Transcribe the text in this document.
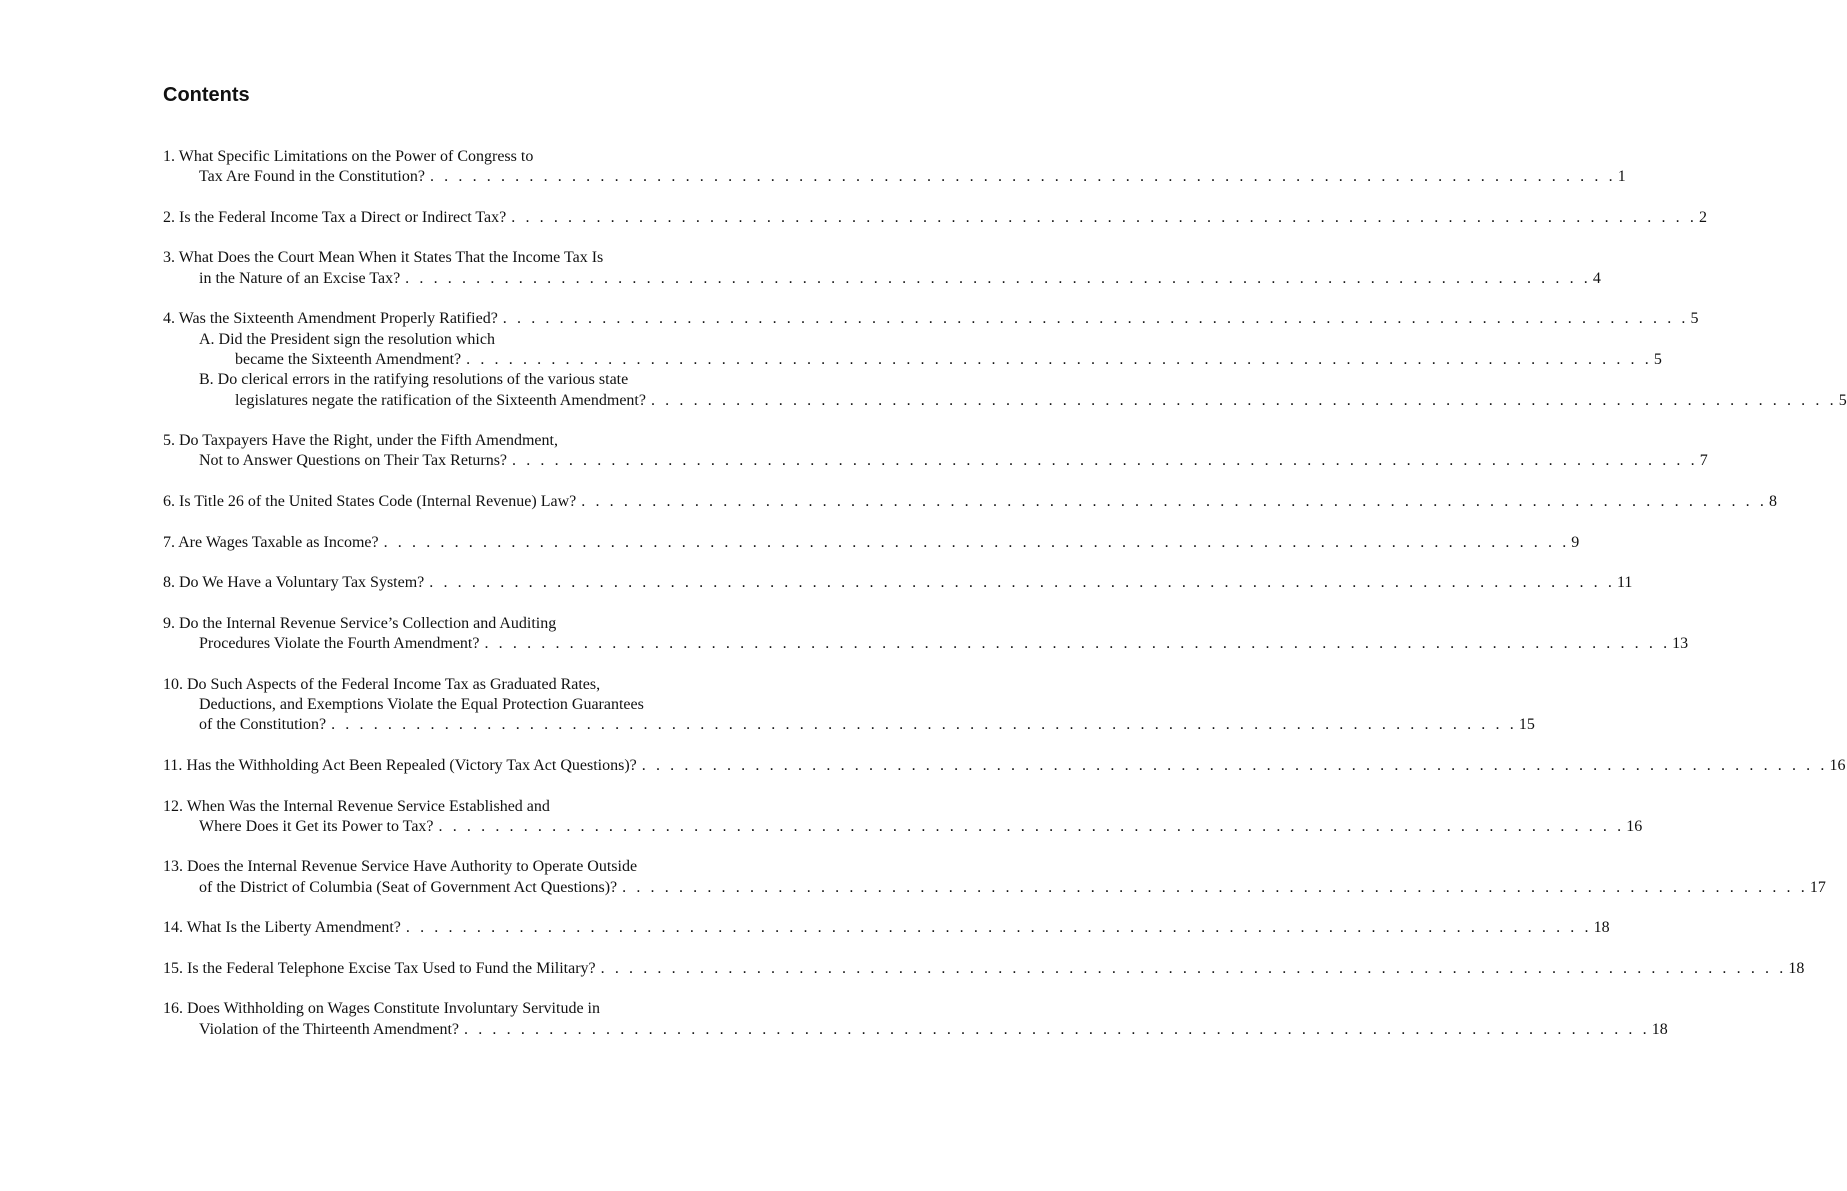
Contents
1. What Specific Limitations on the Power of Congress to
Tax Are Found in the Constitution? . . . . . . . . . . . . . . . . . . . . . . . . . . . . . . . . . . . . . . . . . . . . . . . . . . . . . . . . . . . . . . . . . . . . . . . . . . . . . . . . . . . . 1
2. Is the Federal Income Tax a Direct or Indirect Tax? . . . . . . . . . . . . . . . . . . . . . . . . . . . . . . . . . . . . . . . . . . . . . . . . . . . . . . . . . . . . . . . . . . . . . . . . . . . . . . . . . . . . 2
3. What Does the Court Mean When it States That the Income Tax Is
in the Nature of an Excise Tax? . . . . . . . . . . . . . . . . . . . . . . . . . . . . . . . . . . . . . . . . . . . . . . . . . . . . . . . . . . . . . . . . . . . . . . . . . . . . . . . . . . . . 4
4. Was the Sixteenth Amendment Properly Ratified? . . . . . . . . . . . . . . . . . . . . . . . . . . . . . . . . . . . . . . . . . . . . . . . . . . . . . . . . . . . . . . . . . . . . . . . . . . . . . . . . . . . . 5
A. Did the President sign the resolution which
became the Sixteenth Amendment? . . . . . . . . . . . . . . . . . . . . . . . . . . . . . . . . . . . . . . . . . . . . . . . . . . . . . . . . . . . . . . . . . . . . . . . . . . . . . . . . . . . . 5
B. Do clerical errors in the ratifying resolutions of the various state
legislatures negate the ratification of the Sixteenth Amendment? . . . . . . . . . . . . . . . . . . . . . . . . . . . . . . . . . . . . . . . . . . . . . . . . . . . . . . . . . . . . . . . . . . . . . . . . . . . . . . . . . . . . 5
5. Do Taxpayers Have the Right, under the Fifth Amendment,
Not to Answer Questions on Their Tax Returns? . . . . . . . . . . . . . . . . . . . . . . . . . . . . . . . . . . . . . . . . . . . . . . . . . . . . . . . . . . . . . . . . . . . . . . . . . . . . . . . . . . . . 7
6. Is Title 26 of the United States Code (Internal Revenue) Law? . . . . . . . . . . . . . . . . . . . . . . . . . . . . . . . . . . . . . . . . . . . . . . . . . . . . . . . . . . . . . . . . . . . . . . . . . . . . . . . . . . . . 8
7. Are Wages Taxable as Income? . . . . . . . . . . . . . . . . . . . . . . . . . . . . . . . . . . . . . . . . . . . . . . . . . . . . . . . . . . . . . . . . . . . . . . . . . . . . . . . . . . . . 9
8. Do We Have a Voluntary Tax System? . . . . . . . . . . . . . . . . . . . . . . . . . . . . . . . . . . . . . . . . . . . . . . . . . . . . . . . . . . . . . . . . . . . . . . . . . . . . . . . . . . . . 11
9. Do the Internal Revenue Service’s Collection and Auditing
Procedures Violate the Fourth Amendment? . . . . . . . . . . . . . . . . . . . . . . . . . . . . . . . . . . . . . . . . . . . . . . . . . . . . . . . . . . . . . . . . . . . . . . . . . . . . . . . . . . . . 13
10. Do Such Aspects of the Federal Income Tax as Graduated Rates,
Deductions, and Exemptions Violate the Equal Protection Guarantees
of the Constitution? . . . . . . . . . . . . . . . . . . . . . . . . . . . . . . . . . . . . . . . . . . . . . . . . . . . . . . . . . . . . . . . . . . . . . . . . . . . . . . . . . . . . 15
11. Has the Withholding Act Been Repealed (Victory Tax Act Questions)? . . . . . . . . . . . . . . . . . . . . . . . . . . . . . . . . . . . . . . . . . . . . . . . . . . . . . . . . . . . . . . . . . . . . . . . . . . . . . . . . . . . . 16
12. When Was the Internal Revenue Service Established and
Where Does it Get its Power to Tax? . . . . . . . . . . . . . . . . . . . . . . . . . . . . . . . . . . . . . . . . . . . . . . . . . . . . . . . . . . . . . . . . . . . . . . . . . . . . . . . . . . . . 16
13. Does the Internal Revenue Service Have Authority to Operate Outside
of the District of Columbia (Seat of Government Act Questions)? . . . . . . . . . . . . . . . . . . . . . . . . . . . . . . . . . . . . . . . . . . . . . . . . . . . . . . . . . . . . . . . . . . . . . . . . . . . . . . . . . . . . 17
14. What Is the Liberty Amendment? . . . . . . . . . . . . . . . . . . . . . . . . . . . . . . . . . . . . . . . . . . . . . . . . . . . . . . . . . . . . . . . . . . . . . . . . . . . . . . . . . . . . 18
15. Is the Federal Telephone Excise Tax Used to Fund the Military? . . . . . . . . . . . . . . . . . . . . . . . . . . . . . . . . . . . . . . . . . . . . . . . . . . . . . . . . . . . . . . . . . . . . . . . . . . . . . . . . . . . . 18
16. Does Withholding on Wages Constitute Involuntary Servitude in
Violation of the Thirteenth Amendment? . . . . . . . . . . . . . . . . . . . . . . . . . . . . . . . . . . . . . . . . . . . . . . . . . . . . . . . . . . . . . . . . . . . . . . . . . . . . . . . . . . . . 18
